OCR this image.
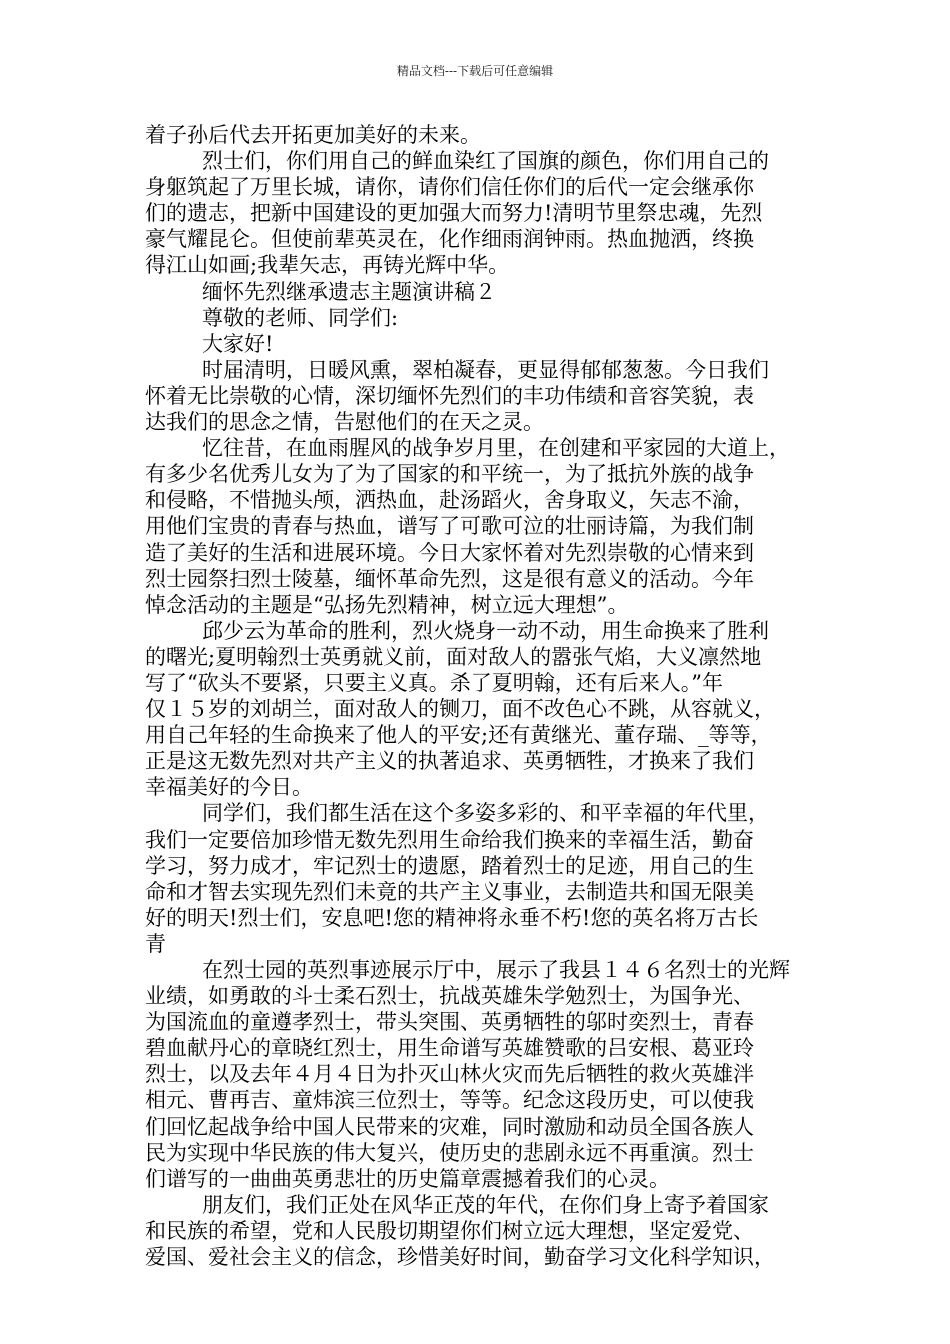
精品文档---下载后可任意编辑
着子孙后代去开拓更加美好的未来。
烈士们，你们用自己的鲜血染红了国旗的颜色，你们用自己的
身躯筑起了万里长城，请你，请你们信任你们的后代一定会继承你
们的遗志，把新中国建设的更加强大而努力!清明节里祭忠魂，先烈
豪气耀昆仑。但使前辈英灵在，化作细雨润钟雨。热血抛洒，终换
得江山如画;我辈矢志，再铸光辉中华。
缅怀先烈继承遗志主题演讲稿２
尊敬的老师、同学们:
大家好!
时届清明，日暖风熏，翠柏凝春，更显得郁郁葱葱。今日我们
怀着无比崇敬的心情，深切缅怀先烈们的丰功伟绩和音容笑貌，表
达我们的思念之情，告慰他们的在天之灵。
忆往昔，在血雨腥风的战争岁月里，在创建和平家园的大道上，
有多少名优秀儿女为了为了国家的和平统一，为了抵抗外族的战争
和侵略，不惜抛头颅，洒热血，赴汤蹈火，舍身取义，矢志不渝，
用他们宝贵的青春与热血，谱写了可歌可泣的壮丽诗篇，为我们制
造了美好的生活和进展环境。今日大家怀着对先烈崇敬的心情来到
烈士园祭扫烈士陵墓，缅怀革命先烈，这是很有意义的活动。今年
悼念活动的主题是“弘扬先烈精神，树立远大理想”。
邱少云为革命的胜利，烈火烧身一动不动，用生命换来了胜利
的曙光;夏明翰烈士英勇就义前，面对敌人的嚣张气焰，大义凛然地
写了“砍头不要紧，只要主义真。杀了夏明翰，还有后来人。”年
仅１５岁的刘胡兰，面对敌人的铡刀，面不改色心不跳，从容就义，
用自己年轻的生命换来了他人的平安;还有黄继光、董存瑞、_等等，
正是这无数先烈对共产主义的执著追求、英勇牺牲，才换来了我们
幸福美好的今日。
同学们，我们都生活在这个多姿多彩的、和平幸福的年代里，
我们一定要倍加珍惜无数先烈用生命给我们换来的幸福生活，勤奋
学习，努力成才，牢记烈士的遗愿，踏着烈士的足迹，用自己的生
命和才智去实现先烈们未竟的共产主义事业，去制造共和国无限美
好的明天!烈士们，安息吧!您的精神将永垂不朽!您的英名将万古长
青
在烈士园的英烈事迹展示厅中，展示了我县１４６名烈士的光辉
业绩，如勇敢的斗士柔石烈士，抗战英雄朱学勉烈士，为国争光、
为国流血的童遵孝烈士，带头突围、英勇牺牲的邬时奕烈士，青春
碧血献丹心的章晓红烈士，用生命谱写英雄赞歌的吕安根、葛亚玲
烈士，以及去年４月４日为扑灭山林火灾而先后牺牲的救火英雄泮
相元、曹再吉、童炜滨三位烈士，等等。纪念这段历史，可以使我
们回忆起战争给中国人民带来的灾难，同时激励和动员全国各族人
民为实现中华民族的伟大复兴，使历史的悲剧永远不再重演。烈士
们谱写的一曲曲英勇悲壮的历史篇章震撼着我们的心灵。
朋友们，我们正处在风华正茂的年代，在你们身上寄予着国家
和民族的希望，党和人民殷切期望你们树立远大理想，坚定爱党、
爱国、爱社会主义的信念，珍惜美好时间，勤奋学习文化科学知识，
